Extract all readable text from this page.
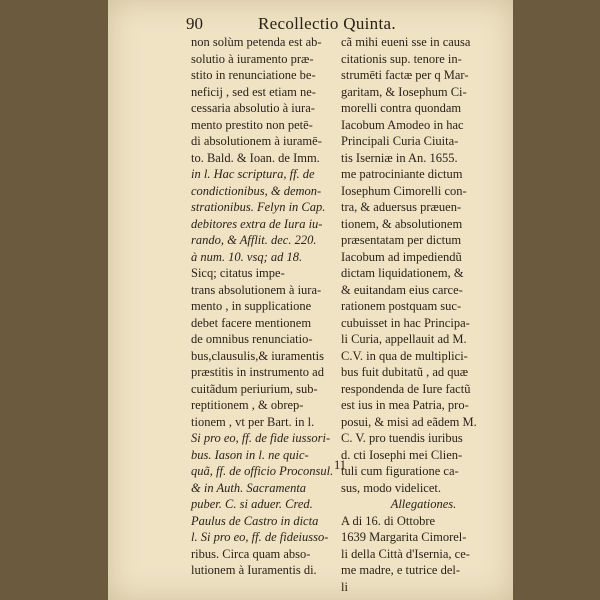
90	Recollectio Quinta.
non solùm petenda est ab-
solutio à iuramento præ-
stito in renunciatione be-
neficij , sed est etiam ne-
cessaria absolutio à iura-
mento prestito non petē-
di absolutionem à iuramē-
to. Bald. & Ioan. de Imm.
in l. Hac scriptura, ff. de
condictionibus, & demon-
strationibus. Felyn in Cap.
debitores extra de Iura iu-
rando, & Afflit. dec. 220.
à num. 10. vsq; ad 18.
Sicq; citatus impe-
trans absolutionem à iura-
mento , in supplicatione
debet facere mentionem
de omnibus renunciatio-
bus,clausulis,& iuramentis
præstitis in instrumento ad
cuitãdum periurium, sub-
reptitionem , & obrep-
tionem , vt per Bart. in l.
Si pro eo, ff. de fide iussori-
bus. Iason in l. ne quic-
quã, ff. de officio Proconsul.
& in Auth. Sacramenta
puber. C. si aduer. Cred.
Paulus de Castro in dicta
l. Si pro eo, ff. de fideiusso-
ribus. Circa quam abso-
lutionem à Iuramentis di.
cã mihi eueni sse in causa
citationis sup. tenore in-
strumēti factæ per q Mar-
garitam, & Iosephum Ci-
morelli contra quondam
Iacobum Amodeo in hac
Principali Curia Ciuita-
tis Iserniæ in An. 1655.
me patrociniante dictum
Iosephum Cimorelli con-
tra, & aduersus præuen-
tionem, & absolutionem
præsentatam per dictum
Iacobum ad impediendũ
dictam liquidationem, &
& euitandam eius carce-
rationem postquam suc-
cubuisset in hac Principa-
li Curia, appellauit ad M.
C.V. in qua de multiplici-
bus fuit dubitatũ , ad quæ
respondenda de Iure factũ
est ius in mea Patria, pro-
posui, & misi ad eãdem M.
C. V. pro tuendis iuribus
d. cti Iosephi mei Clien-
tuli cum figuratione ca-
sus, modo videlicet.
Allegationes.
A di 16. di Ottobre
1639 Margarita Cimorel-
li della Città d'Isernia, ce-
me madre, e tutrice del-
li
11
